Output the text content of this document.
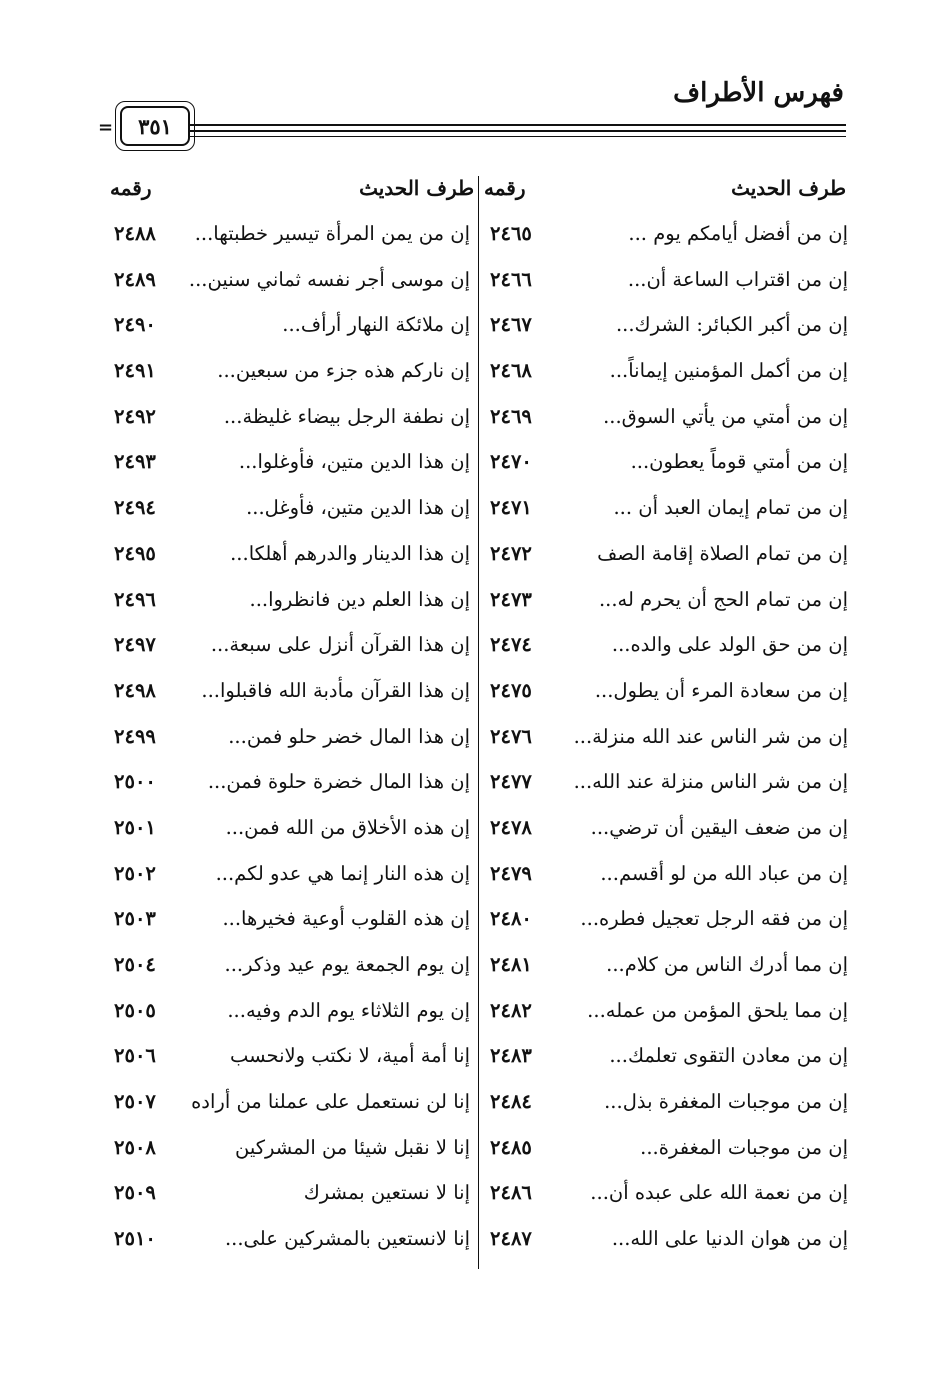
فهرس الأطراف
٣٥١
=
طرف الحديث
رقمه
طرف الحديث
رقمه
إن من أفضل أيامكم يوم ...
٢٤٦٥
إن من اقتراب الساعة أن...
٢٤٦٦
إن من أكبر الكبائر: الشرك...
٢٤٦٧
إن من أكمل المؤمنين إيماناً...
٢٤٦٨
إن من أمتي من يأتي السوق...
٢٤٦٩
إن من أمتي قوماً يعطون...
٢٤٧٠
إن من تمام إيمان العبد أن ...
٢٤٧١
إن من تمام الصلاة إقامة الصف
٢٤٧٢
إن من تمام الحج أن يحرم له...
٢٤٧٣
إن من حق الولد على والده...
٢٤٧٤
إن من سعادة المرء أن يطول...
٢٤٧٥
إن من شر الناس عند الله منزلة...
٢٤٧٦
إن من شر الناس منزلة عند الله...
٢٤٧٧
إن من ضعف اليقين أن ترضي...
٢٤٧٨
إن من عباد الله من لو أقسم...
٢٤٧٩
إن من فقه الرجل تعجيل فطره...
٢٤٨٠
إن مما أدرك الناس من كلام...
٢٤٨١
إن مما يلحق المؤمن من عمله...
٢٤٨٢
إن من معادن التقوى تعلمك...
٢٤٨٣
إن من موجبات المغفرة بذل...
٢٤٨٤
إن من موجبات المغفرة...
٢٤٨٥
إن من نعمة الله على عبده أن...
٢٤٨٦
إن من هوان الدنيا على الله...
٢٤٨٧
إن من يمن المرأة تيسير خطبتها...
٢٤٨٨
إن موسى أجر نفسه ثماني سنين...
٢٤٨٩
إن ملائكة النهار أرأف...
٢٤٩٠
إن ناركم هذه جزء من سبعين...
٢٤٩١
إن نطفة الرجل بيضاء غليظة...
٢٤٩٢
إن هذا الدين متين، فأوغلوا...
٢٤٩٣
إن هذا الدين متين، فأوغل...
٢٤٩٤
إن هذا الدينار والدرهم أهلكا...
٢٤٩٥
إن هذا العلم دين فانظروا...
٢٤٩٦
إن هذا القرآن أنزل على سبعة...
٢٤٩٧
إن هذا القرآن مأدبة الله فاقبلوا...
٢٤٩٨
إن هذا المال خضر حلو فمن...
٢٤٩٩
إن هذا المال خضرة حلوة فمن...
٢٥٠٠
إن هذه الأخلاق من الله فمن...
٢٥٠١
إن هذه النار إنما هي عدو لكم...
٢٥٠٢
إن هذه القلوب أوعية فخيرها...
٢٥٠٣
إن يوم الجمعة يوم عيد وذكر...
٢٥٠٤
إن يوم الثلاثاء يوم الدم وفيه...
٢٥٠٥
إنا أمة أمية، لا نكتب ولانحسب
٢٥٠٦
إنا لن نستعمل على عملنا من أراده
٢٥٠٧
إنا لا نقبل شيئا من المشركين
٢٥٠٨
إنا لا نستعين بمشرك
٢٥٠٩
إنا لانستعين بالمشركين على...
٢٥١٠
